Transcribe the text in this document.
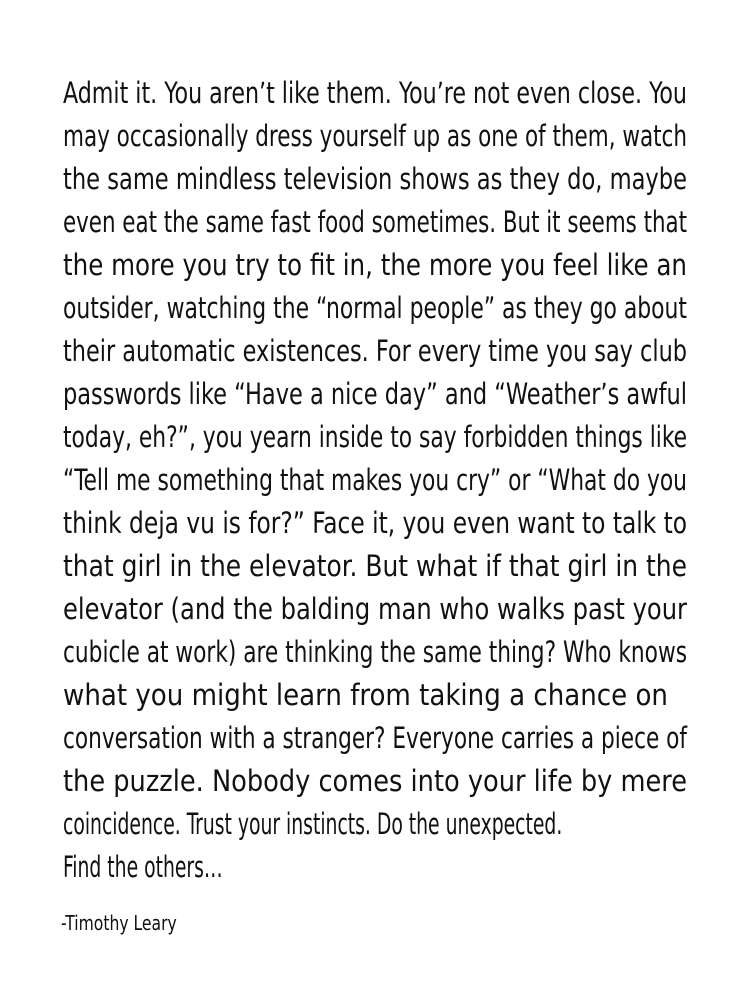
Admit it. You aren’t like them. You’re not even close. You
may occasionally dress yourself up as one of them, watch
the same mindless television shows as they do, maybe
even eat the same fast food sometimes. But it seems that
the more you try to fit in, the more you feel like an
outsider, watching the “normal people” as they go about
their automatic existences. For every time you say club
passwords like “Have a nice day” and “Weather’s awful
today, eh?”, you yearn inside to say forbidden things like
“Tell me something that makes you cry” or “What do you
think deja vu is for?” Face it, you even want to talk to
that girl in the elevator. But what if that girl in the
elevator (and the balding man who walks past your
cubicle at work) are thinking the same thing? Who knows
what you might learn from taking a chance on
conversation with a stranger? Everyone carries a piece of
the puzzle. Nobody comes into your life by mere
coincidence. Trust your instincts. Do the unexpected.
Find the others…
-Timothy Leary
